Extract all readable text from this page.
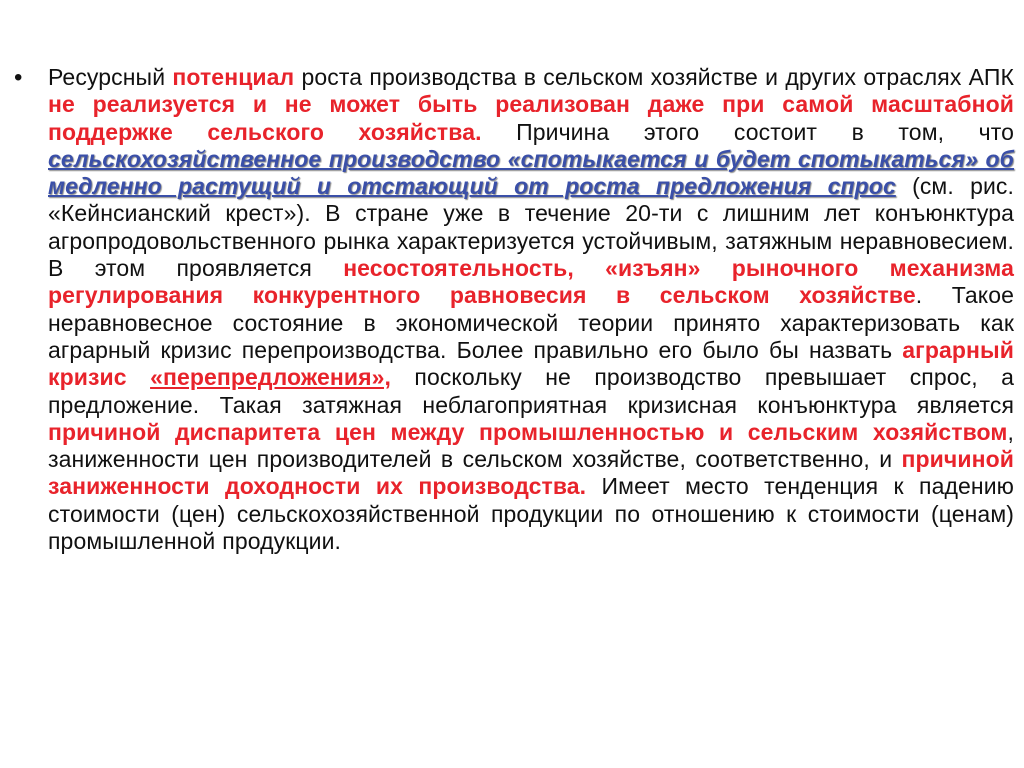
• Ресурсный потенциал роста производства в сельском хозяйстве и других отраслях АПК не реализуется и не может быть реализован даже при самой масштабной поддержке сельского хозяйства. Причина этого состоит в том, что сельскохозяйственное производство «спотыкается и будет спотыкаться» об медленно растущий и отстающий от роста предложения спрос (см. рис. «Кейнсианский крест»). В стране уже в течение 20-ти с лишним лет конъюнктура агропродовольственного рынка характеризуется устойчивым, затяжным неравновесием. В этом проявляется несостоятельность, «изъян» рыночного механизма регулирования конкурентного равновесия в сельском хозяйстве. Такое неравновесное состояние в экономической теории принято характеризовать как аграрный кризис перепроизводства. Более правильно его было бы назвать аграрный кризис «перепредложения», поскольку не производство превышает спрос, а предложение. Такая затяжная неблагоприятная кризисная конъюнктура является причиной диспаритета цен между промышленностью и сельским хозяйством, заниженности цен производителей в сельском хозяйстве, соответственно, и причиной заниженности доходности их производства. Имеет место тенденция к падению стоимости (цен) сельскохозяйственной продукции по отношению к стоимости (ценам) промышленной продукции.
